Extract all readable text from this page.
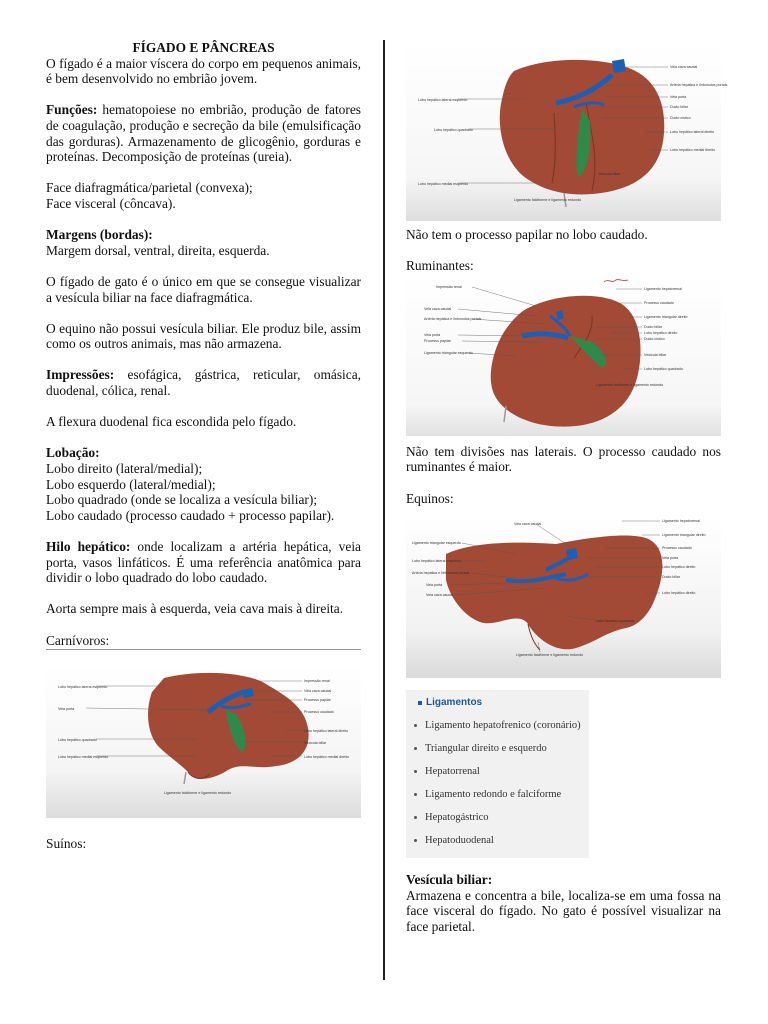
FÍGADO E PÂNCREAS

O fígado é a maior víscera do corpo em pequenos animais, é bem desenvolvido no embrião jovem.

Funções: hematopoiese no embrião, produção de fatores de coagulação, produção e secreção da bile (emulsificação das gorduras). Armazenamento de glicogênio, gorduras e proteínas. Decomposição de proteínas (ureia).

Face diafragmática/parietal (convexa);

Face visceral (côncava).

Margens (bordas):

Margem dorsal, ventral, direita, esquerda.

O fígado de gato é o único em que se consegue visualizar a vesícula biliar na face diafragmática.

O equino não possui vesícula biliar. Ele produz bile, assim como os outros animais, mas não armazena.

Impressões: esofágica, gástrica, reticular, omásica, duodenal, cólica, renal.

A flexura duodenal fica escondida pelo fígado.

Lobação:

Lobo direito (lateral/medial);

Lobo esquerdo (lateral/medial);

Lobo quadrado (onde se localiza a vesícula biliar);

Lobo caudado (processo caudado + processo papilar).

Hilo hepático: onde localizam a artéria hepática, veia porta, vasos linfáticos. É uma referência anatômica para dividir o lobo quadrado do lobo caudado.

Aorta sempre mais à esquerda, veia cava mais à direita.

Carnívoros:

Lobo hepático lateral esquerdo
Veia porta
Lobo hepático quadrado
Lobo hepático medial esquerdo
Impressão renal
Veia cava caudal
Processo papilar
Processo caudado
Lobo hepático lateral direito
Vesícula biliar
Lobo hepático medial direito
Ligamento falciforme e ligamento redondo

Suínos:

Lobo hepático lateral esquerdo
Lobo hepático quadrado
Lobo hepático medial esquerdo
Veia cava caudal
Artéria hepática e linfonodos portais
Veia porta
Ducto biliar
Ducto cístico
Lobo hepático lateral direito
Lobo hepático medial direito
Vesícula biliar
Ligamento falciforme e ligamento redondo

Não tem o processo papilar no lobo caudado.

Ruminantes:

Impressão renal
Veia cava caudal
Artéria hepática e linfonodos portais
Veia porta
Processo papilar
Ligamento triangular esquerdo
Ligamento hepatorrenal
Processo caudado
Ligamento triangular direito
Ducto biliar
Lobo hepático direito
Ducto cístico
Vesícula biliar
Lobo hepático quadrado
Ligamento falciforme e ligamento redondo

Não tem divisões nas laterais. O processo caudado nos ruminantes é maior.

Equinos:

Ligamento triangular esquerdo
Lobo hepático lateral esquerdo
Artéria hepática e linfonodos portais
Veia porta
Veia cava caudal
Veia cava caudal
Ligamento hepatorrenal
Ligamento triangular direito
Processo caudado
Veia porta
Lobo hepático direito
Ducto biliar
Lobo hepático direito
Lobo hepático quadrado
Ligamento falciforme e ligamento redondo
Ligamentos
Ligamento hepatofrenico (coronário)
Triangular direito e esquerdo
Hepatorrenal
Ligamento redondo e falciforme
Hepatogástrico
Hepatoduodenal

Vesícula biliar:

Armazena e concentra a bile, localiza-se em uma fossa na face visceral do fígado. No gato é possível visualizar na face parietal.
